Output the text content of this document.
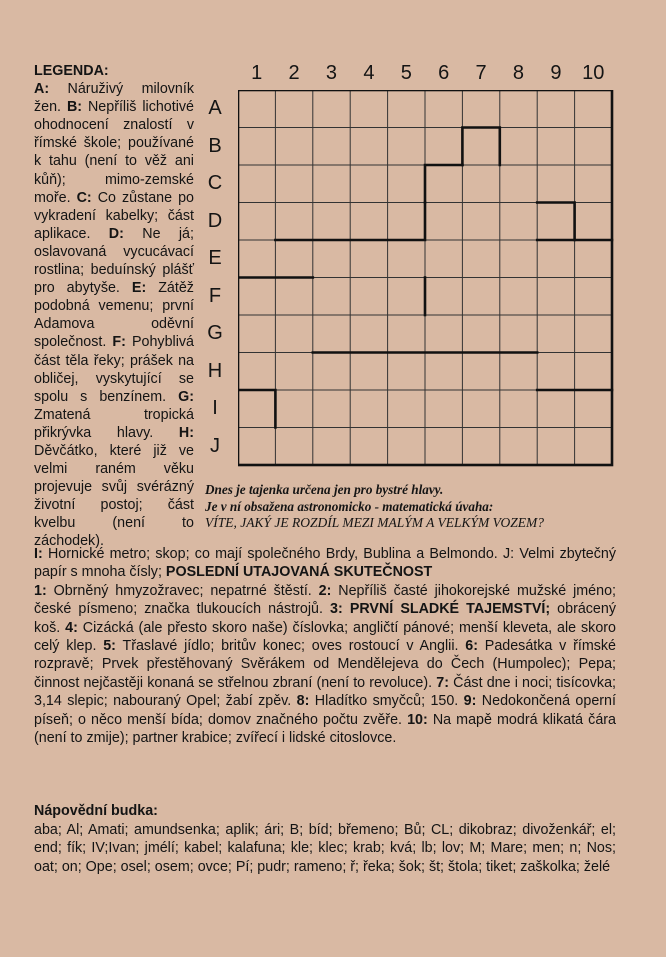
LEGENDA:
A: Náruživý milovník žen. B: Nepříliš lichotivé ohodnocení znalostí v římské škole; používané k tahu (není to věž ani kůň); mimo-zemské moře. C: Co zůstane po vykradení kabelky; část aplikace. D: Ne já; oslavovaná vycucávací rostlina; beduínský plášť pro abytyše. E: Zátěž podobná vemenu; první Adamova oděvní společnost. F: Pohyblivá část těla řeky; prášek na obličej, vyskytující se spolu s benzínem. G: Zmatená tropická přikrývka hlavy. H: Děvčátko, které již ve velmi raném věku projevuje svůj svérázný životní postoj; část kvelbu (není to záchodek).
1	2	3	4	5	6	7	8	9	10
A
B
C
D
E
F
G
H
I
J
Dnes je tajenka určena jen pro bystré hlavy.
Je v ní obsažena astronomicko - matematická úvaha:
VÍTE, JAKÝ JE ROZDÍL MEZI MALÝM A VELKÝM VOZEM?
I: Hornické metro; skop; co mají společného Brdy, Bublina a Belmondo. J: Velmi zbytečný papír s mnoha čísly; POSLEDNÍ UTAJOVANÁ SKUTEČNOST
1: Obrněný hmyzožravec; nepatrné štěstí. 2: Nepříliš časté jihokorejské mužské jméno; české písmeno; značka tlukoucích nástrojů. 3: PRVNÍ SLADKÉ TAJEMSTVÍ; obrácený koš. 4: Cizácká (ale přesto skoro naše) číslovka; angličtí pánové; menší kleveta, ale skoro celý klep. 5: Třaslavé jídlo; britův konec; oves rostoucí v Anglii. 6: Padesátka v římské rozpravě; Prvek přestěhovaný Svěrákem od Mendělejeva do Čech (Humpolec); Pepa; činnost nejčastěji konaná se střelnou zbraní (není to revoluce). 7: Část dne i noci; tisícovka; 3,14 slepic; nabouraný Opel; žabí zpěv. 8: Hladítko smyčců; 150. 9: Nedokončená operní píseň; o něco menší bída; domov značného počtu zvěře. 10: Na mapě modrá klikatá čára (není to zmije); partner krabice; zvířecí i lidské citoslovce.
Nápovědní budka:
aba; Al; Amati; amundsenka; aplik; ári; B; bíd; břemeno; Bů; CL; dikobraz; divoženkář; el; end; fík; IV;Ivan; jmélí; kabel; kalafuna; kle; klec; krab; kvá; lb; lov; M; Mare; men; n; Nos; oat; on; Ope; osel; osem; ovce; Pí; pudr; rameno; ř; řeka; šok; št; štola; tiket; zaškolka; želé
